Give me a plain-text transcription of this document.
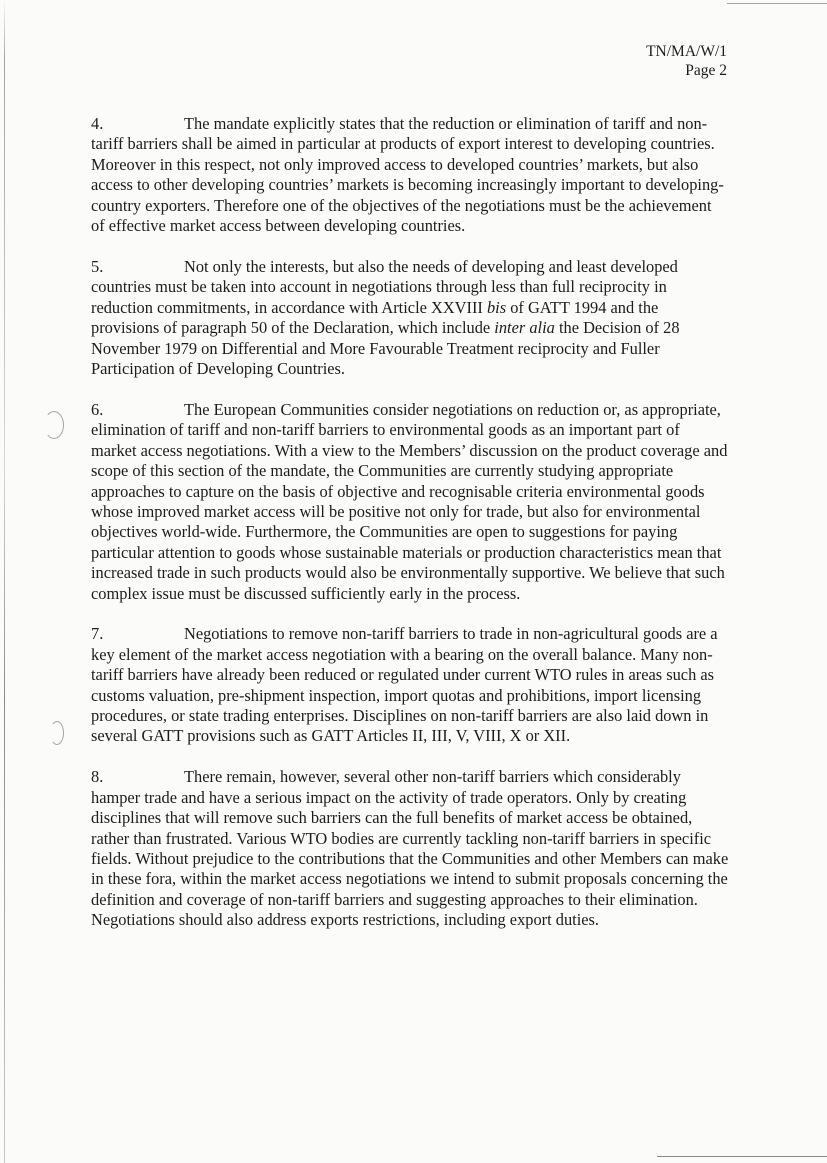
TN/MA/W/1
Page 2

4.	The mandate explicitly states that the reduction or elimination of tariff and non-tariff barriers shall be aimed in particular at products of export interest to developing countries. Moreover in this respect, not only improved access to developed countries’ markets, but also access to other developing countries’ markets is becoming increasingly important to developing-country exporters. Therefore one of the objectives of the negotiations must be the achievement of effective market access between developing countries.

5.	Not only the interests, but also the needs of developing and least developed countries must be taken into account in negotiations through less than full reciprocity in reduction commitments, in accordance with Article XXVIII bis of GATT 1994 and the provisions of paragraph 50 of the Declaration, which include inter alia the Decision of 28 November 1979 on Differential and More Favourable Treatment reciprocity and Fuller Participation of Developing Countries.

6.	The European Communities consider negotiations on reduction or, as appropriate, elimination of tariff and non-tariff barriers to environmental goods as an important part of market access negotiations. With a view to the Members’ discussion on the product coverage and scope of this section of the mandate, the Communities are currently studying appropriate approaches to capture on the basis of objective and recognisable criteria environmental goods whose improved market access will be positive not only for trade, but also for environmental objectives world-wide. Furthermore, the Communities are open to suggestions for paying particular attention to goods whose sustainable materials or production characteristics mean that increased trade in such products would also be environmentally supportive. We believe that such complex issue must be discussed sufficiently early in the process.

7.	Negotiations to remove non-tariff barriers to trade in non-agricultural goods are a key element of the market access negotiation with a bearing on the overall balance. Many non-tariff barriers have already been reduced or regulated under current WTO rules in areas such as customs valuation, pre-shipment inspection, import quotas and prohibitions, import licensing procedures, or state trading enterprises. Disciplines on non-tariff barriers are also laid down in several GATT provisions such as GATT Articles II, III, V, VIII, X or XII.

8.	There remain, however, several other non-tariff barriers which considerably hamper trade and have a serious impact on the activity of trade operators. Only by creating disciplines that will remove such barriers can the full benefits of market access be obtained, rather than frustrated. Various WTO bodies are currently tackling non-tariff barriers in specific fields. Without prejudice to the contributions that the Communities and other Members can make in these fora, within the market access negotiations we intend to submit proposals concerning the definition and coverage of non-tariff barriers and suggesting approaches to their elimination. Negotiations should also address exports restrictions, including export duties.
